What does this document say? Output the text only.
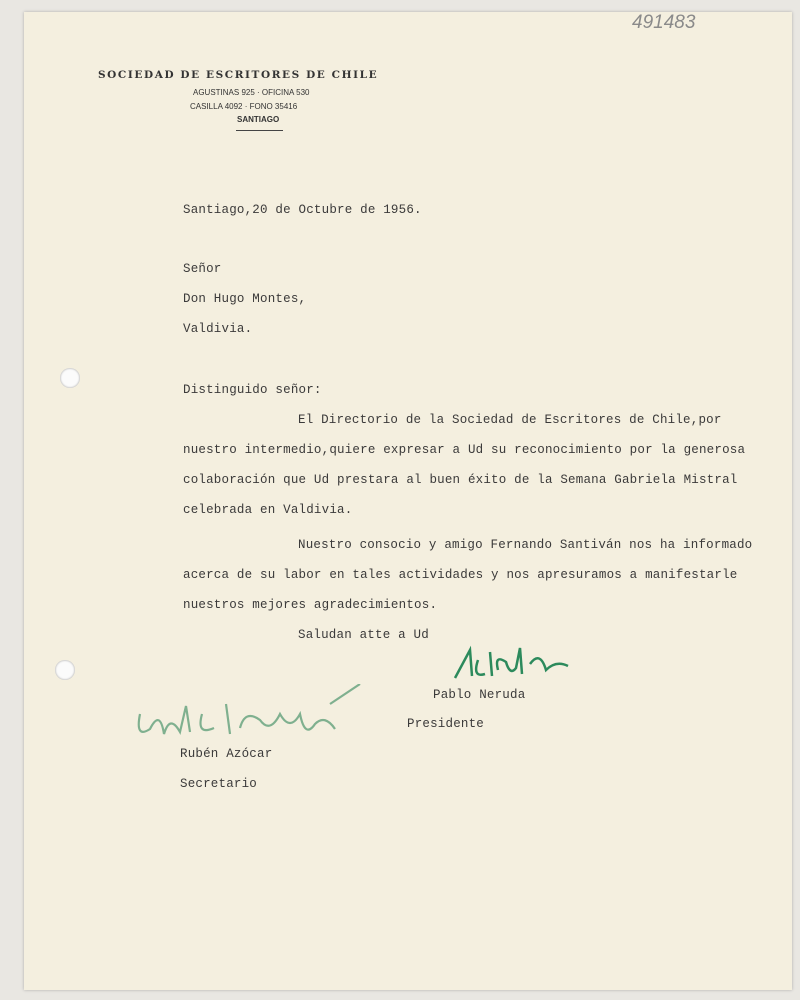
491483
SOCIEDAD DE ESCRITORES DE CHILE
AGUSTINAS 925 · OFICINA 530
CASILLA 4092 · FONO 35416
SANTIAGO
Santiago,20 de Octubre de 1956.
Señor
Don Hugo Montes,
Valdivia.
Distinguido señor:
El Directorio de la Sociedad de Escritores de Chile,por
nuestro intermedio,quiere expresar a Ud su reconocimiento por la generosa
colaboración que Ud prestara al buen éxito de la Semana Gabriela Mistral
celebrada en Valdivia.
Nuestro consocio y amigo Fernando Santiván nos ha informado
acerca de su labor en tales actividades y nos apresuramos a manifestarle
nuestros mejores agradecimientos.
Saludan atte a Ud
Pablo Neruda
Presidente
Rubén Azócar
Secretario
